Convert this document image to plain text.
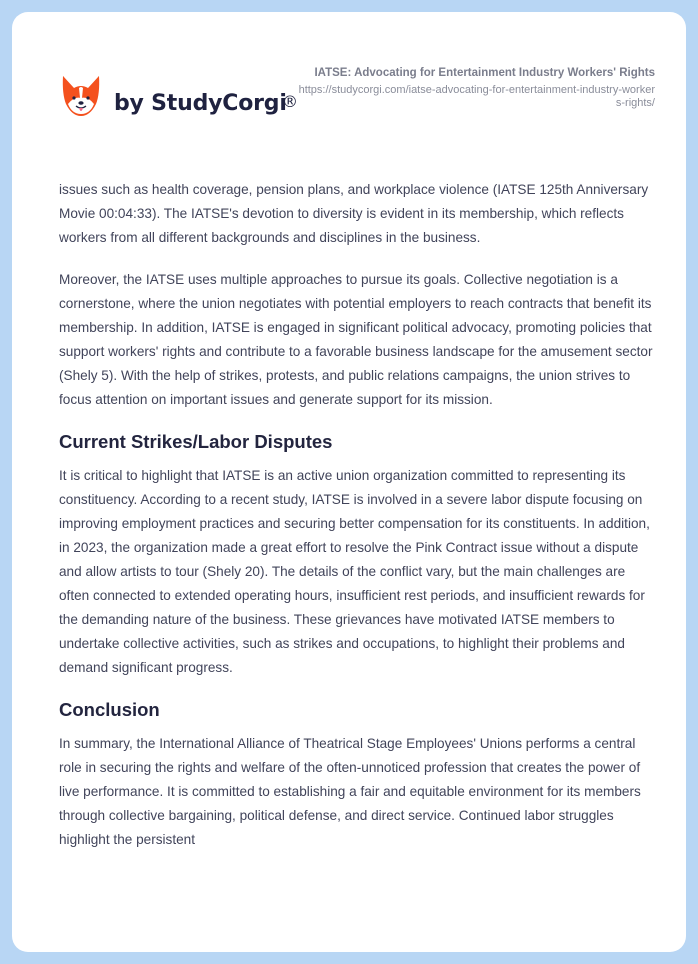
by StudyCorgi
®

IATSE: Advocating for Entertainment Industry Workers' Rights

https://studycorgi.com/iatse-advocating-for-entertainment-industry-workers-rights/

issues such as health coverage, pension plans, and workplace violence (IATSE 125th Anniversary Movie 00:04:33). The IATSE's devotion to diversity is evident in its membership, which reflects workers from all different backgrounds and disciplines in the business.

Moreover, the IATSE uses multiple approaches to pursue its goals. Collective negotiation is a cornerstone, where the union negotiates with potential employers to reach contracts that benefit its membership. In addition, IATSE is engaged in significant political advocacy, promoting policies that support workers' rights and contribute to a favorable business landscape for the amusement sector (Shely 5). With the help of strikes, protests, and public relations campaigns, the union strives to focus attention on important issues and generate support for its mission.

Current Strikes/Labor Disputes

It is critical to highlight that IATSE is an active union organization committed to representing its constituency. According to a recent study, IATSE is involved in a severe labor dispute focusing on improving employment practices and securing better compensation for its constituents. In addition, in 2023, the organization made a great effort to resolve the Pink Contract issue without a dispute and allow artists to tour (Shely 20). The details of the conflict vary, but the main challenges are often connected to extended operating hours, insufficient rest periods, and insufficient rewards for the demanding nature of the business. These grievances have motivated IATSE members to undertake collective activities, such as strikes and occupations, to highlight their problems and demand significant progress.

Conclusion

In summary, the International Alliance of Theatrical Stage Employees' Unions performs a central role in securing the rights and welfare of the often-unnoticed profession that creates the power of live performance. It is committed to establishing a fair and equitable environment for its members through collective bargaining, political defense, and direct service. Continued labor struggles highlight the persistent
